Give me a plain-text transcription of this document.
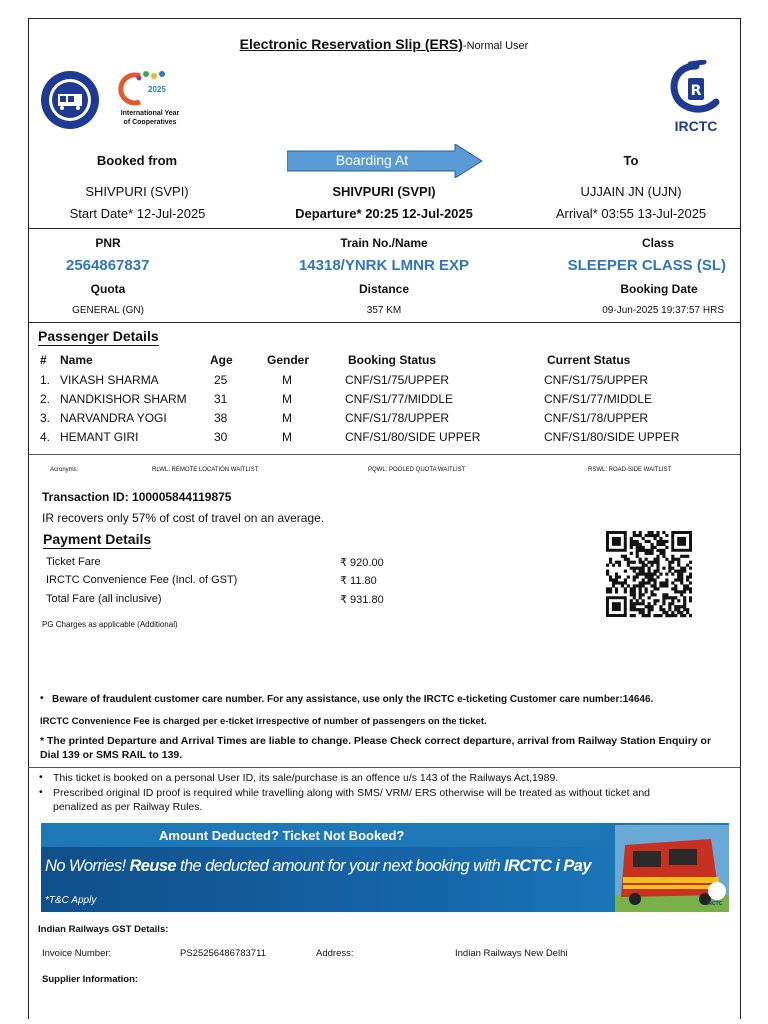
Electronic Reservation Slip (ERS)-Normal User
2025
International Year
of Cooperatives
R
IRCTC
Booked from	Boarding At	To
SHIVPURI (SVPI)	SHIVPURI (SVPI)	UJJAIN JN (UJN)
Start Date* 12-Jul-2025	Departure* 20:25 12-Jul-2025	Arrival* 03:55 13-Jul-2025
PNR	Train No./Name	Class
2564867837	14318/YNRK LMNR EXP	SLEEPER CLASS (SL)
Quota	Distance	Booking Date
GENERAL (GN)	357 KM	09-Jun-2025 19:37:57 HRS
Passenger Details
# Name	Age	Gender	Booking Status	Current Status
1. VIKASH SHARMA	25	M	CNF/S1/75/UPPER	CNF/S1/75/UPPER
2. NANDKISHOR SHARM 31	M	CNF/S1/77/MIDDLE	CNF/S1/77/MIDDLE
3. NARVANDRA YOGI	38	M	CNF/S1/78/UPPER	CNF/S1/78/UPPER
4. HEMANT GIRI	30	M	CNF/S1/80/SIDE UPPER	CNF/S1/80/SIDE UPPER
Acronyms:	RLWL: REMOTE LOCATION WAITLIST	PQWL: POOLED QUOTA WAITLIST	RSWL: ROAD-SIDE WAITLIST
Transaction ID: 100005844119875
IR recovers only 57% of cost of travel on an average.
Payment Details
Ticket Fare	₹ 920.00
IRCTC Convenience Fee (Incl. of GST)	₹ 11.80
Total Fare (all inclusive)	₹ 931.80
PG Charges as applicable (Additional)
• Beware of fraudulent customer care number. For any assistance, use only the IRCTC e-ticketing Customer care number:14646.
IRCTC Convenience Fee is charged per e-ticket irrespective of number of passengers on the ticket.
* The printed Departure and Arrival Times are liable to change. Please Check correct departure, arrival from Railway Station Enquiry or
Dial 139 or SMS RAIL to 139.
• This ticket is booked on a personal User ID, its sale/purchase is an offence u/s 143 of the Railways Act,1989.
• Prescribed original ID proof is required while travelling along with SMS/ VRM/ ERS otherwise will be treated as without ticket and
penalized as per Railway Rules.
Amount Deducted? Ticket Not Booked?
No Worries! Reuse the deducted amount for your next booking with IRCTC i Pay
*T&C Apply	IRCTC
Indian Railways GST Details:
Invoice Number:	PS25256486783711	Address:	Indian Railways New Delhi
Supplier Information:
